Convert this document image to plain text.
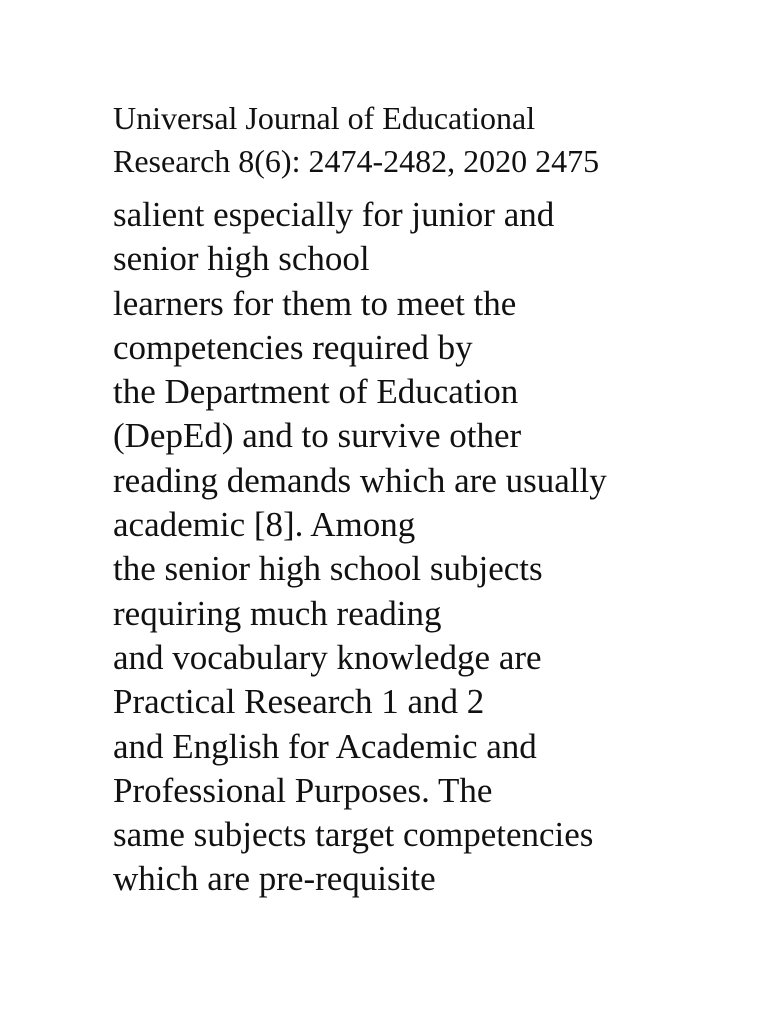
Universal Journal of Educational
Research 8(6): 2474-2482, 2020 2475
salient especially for junior and
senior high school
learners for them to meet the
competencies required by
the Department of Education
(DepEd) and to survive other
reading demands which are usually
academic [8]. Among
the senior high school subjects
requiring much reading
and vocabulary knowledge are
Practical Research 1 and 2
and English for Academic and
Professional Purposes. The
same subjects target competencies
which are pre-requisite
